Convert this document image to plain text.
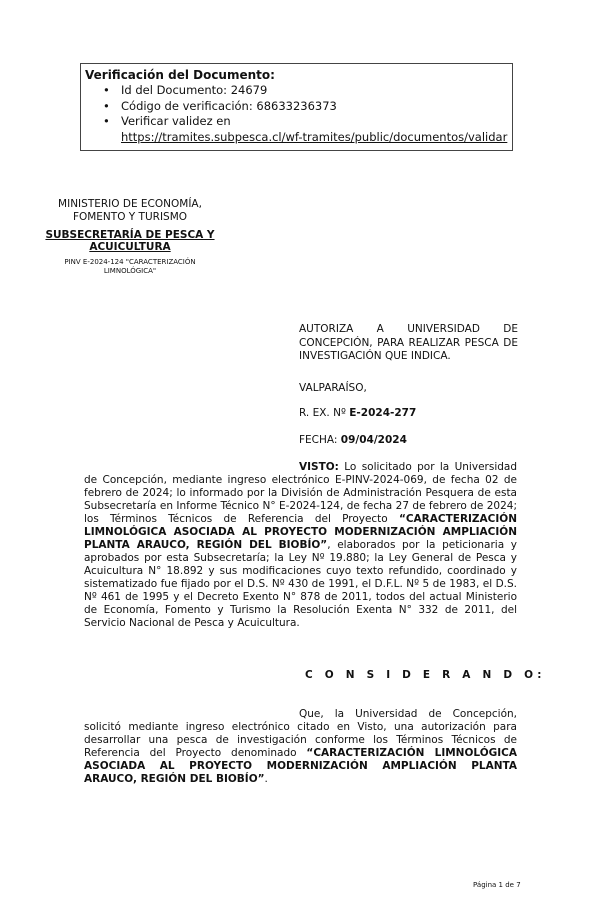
Verificación del Documento:
• Id del Documento: 24679
• Código de verificación: 68633236373
• Verificar validez en
https://tramites.subpesca.cl/wf-tramites/public/documentos/validar
MINISTERIO DE ECONOMÍA,
FOMENTO Y TURISMO
SUBSECRETARÍA DE PESCA Y
ACUICULTURA
PINV E-2024-124 "CARACTERIZACIÓN
LIMNOLÓGICA"
AUTORIZA A UNIVERSIDAD DE CONCEPCIÓN, PARA REALIZAR PESCA DE INVESTIGACIÓN QUE INDICA.
VALPARAÍSO,
R. EX. Nº E-2024-277
FECHA: 09/04/2024
VISTO: Lo solicitado por la Universidad de Concepción, mediante ingreso electrónico E-PINV-2024-069, de fecha 02 de febrero de 2024; lo informado por la División de Administración Pesquera de esta Subsecretaría en Informe Técnico N° E-2024-124, de fecha 27 de febrero de 2024; los Términos Técnicos de Referencia del Proyecto “CARACTERIZACIÓN LIMNOLÓGICA ASOCIADA AL PROYECTO MODERNIZACIÓN AMPLIACIÓN PLANTA ARAUCO, REGIÓN DEL BIOBÍO”, elaborados por la peticionaria y aprobados por esta Subsecretaría; la Ley Nº 19.880; la Ley General de Pesca y Acuicultura N° 18.892 y sus modificaciones cuyo texto refundido, coordinado y sistematizado fue fijado por el D.S. Nº 430 de 1991, el D.F.L. Nº 5 de 1983, el D.S. Nº 461 de 1995 y el Decreto Exento N° 878 de 2011, todos del actual Ministerio de Economía, Fomento y Turismo la Resolución Exenta N° 332 de 2011, del Servicio Nacional de Pesca y Acuicultura.
C O N S I D E R A N D O:
Que, la Universidad de Concepción, solicitó mediante ingreso electrónico citado en Visto, una autorización para desarrollar una pesca de investigación conforme los Términos Técnicos de Referencia del Proyecto denominado “CARACTERIZACIÓN LIMNOLÓGICA ASOCIADA AL PROYECTO MODERNIZACIÓN AMPLIACIÓN PLANTA ARAUCO, REGIÓN DEL BIOBÍO”.
Página 1 de 7
